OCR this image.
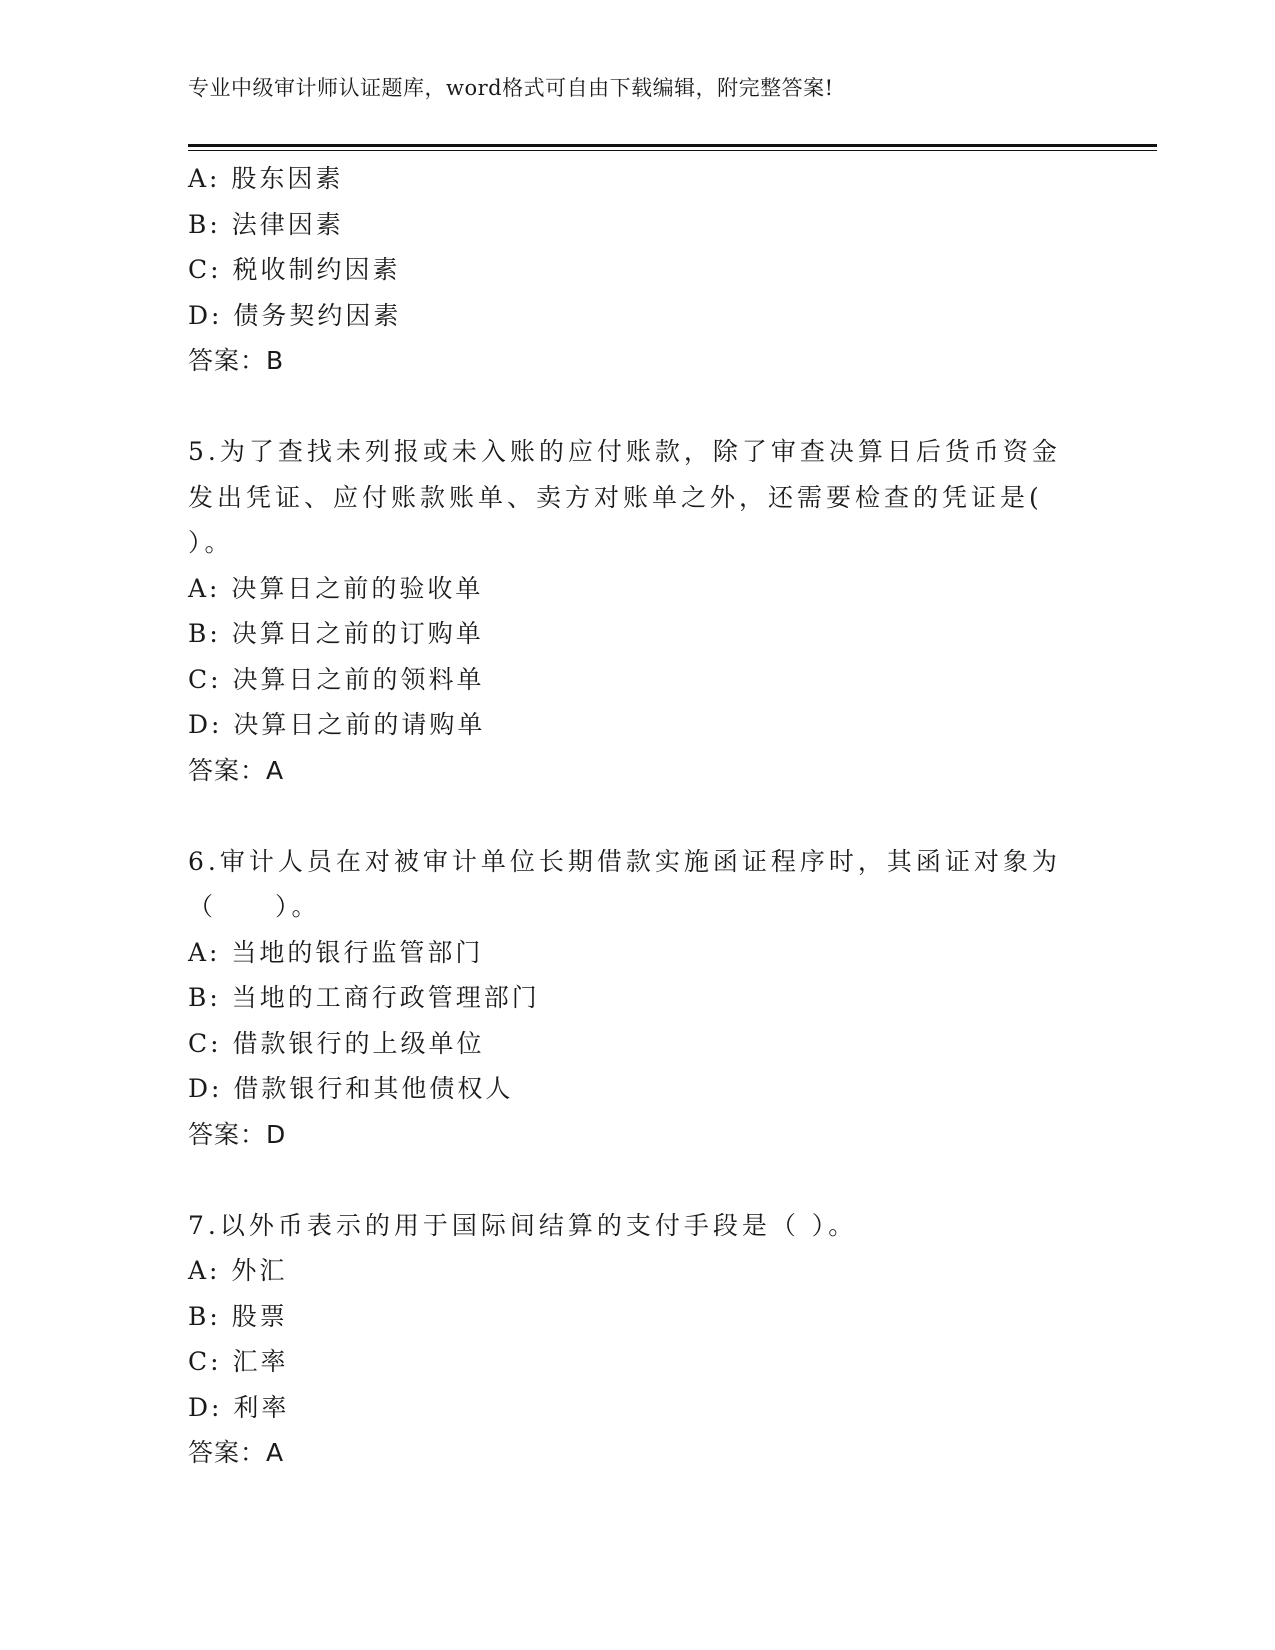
专业中级审计师认证题库，word格式可自由下载编辑，附完整答案!
A: 股东因素
B: 法律因素
C: 税收制约因素
D: 债务契约因素
答案：B
5.为了查找未列报或未入账的应付账款，除了审查决算日后货币资金
发出凭证、应付账款账单、卖方对账单之外，还需要检查的凭证是(
）。
A: 决算日之前的验收单
B: 决算日之前的订购单
C: 决算日之前的领料单
D: 决算日之前的请购单
答案：A
6.审计人员在对被审计单位长期借款实施函证程序时，其函证对象为
（　　）。
A: 当地的银行监管部门
B: 当地的工商行政管理部门
C: 借款银行的上级单位
D: 借款银行和其他债权人
答案：D
7.以外币表示的用于国际间结算的支付手段是（ ）。
A: 外汇
B: 股票
C: 汇率
D: 利率
答案：A
